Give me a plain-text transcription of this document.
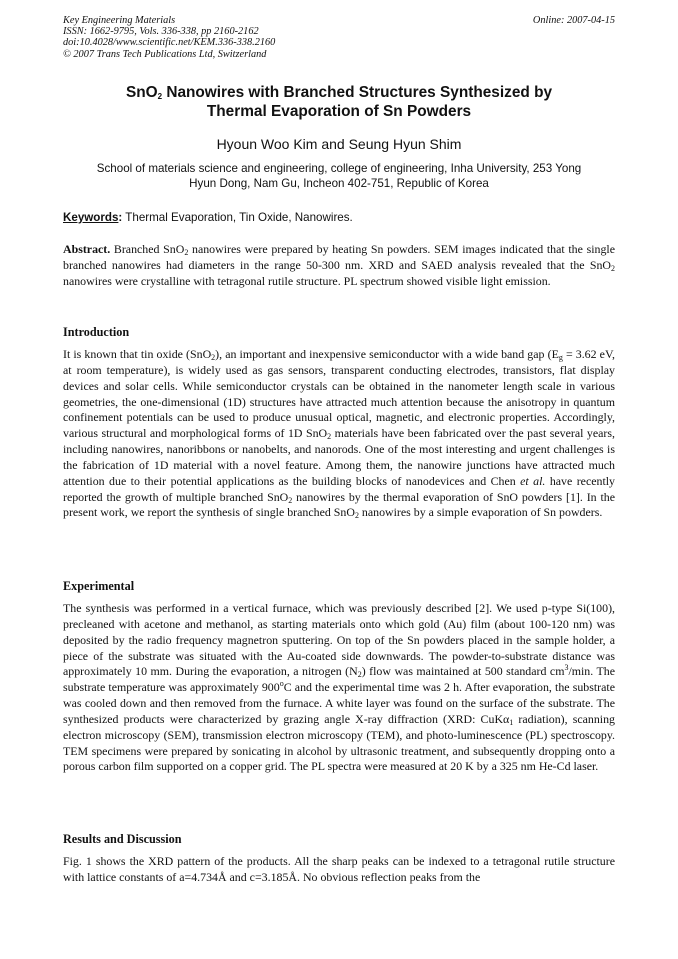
Key Engineering Materials	Online: 2007-04-15
ISSN: 1662-9795, Vols. 336-338, pp 2160-2162
doi:10.4028/www.scientific.net/KEM.336-338.2160
© 2007 Trans Tech Publications Ltd, Switzerland
SnO$_2$ Nanowires with Branched Structures Synthesized by
Thermal Evaporation of Sn Powders
Hyoun Woo Kim and Seung Hyun Shim
School of materials science and engineering, college of engineering, Inha University, 253 Yong
Hyun Dong, Nam Gu, Incheon 402-751, Republic of Korea
Keywords: Thermal Evaporation, Tin Oxide, Nanowires.
Abstract. Branched SnO$_2$ nanowires were prepared by heating Sn powders. SEM images indicated that the single branched nanowires had diameters in the range 50-300 nm. XRD and SAED analysis revealed that the SnO$_2$ nanowires were crystalline with tetragonal rutile structure. PL spectrum showed visible light emission.
Introduction
It is known that tin oxide (SnO$_2$), an important and inexpensive semiconductor with a wide band gap ($E_g = 3.62$ eV, at room temperature), is widely used as gas sensors, transparent conducting electrodes, transistors, flat display devices and solar cells. While semiconductor crystals can be obtained in the nanometer length scale in various geometries, the one-dimensional (1D) structures have attracted much attention because the anisotropy in quantum confinement potentials can be used to produce unusual optical, magnetic, and electronic properties. Accordingly, various structural and morphological forms of 1D SnO$_2$ materials have been fabricated over the past several years, including nanowires, nanoribbons or nanobelts, and nanorods. One of the most interesting and urgent challenges is the fabrication of 1D material with a novel feature. Among them, the nanowire junctions have attracted much attention due to their potential applications as the building blocks of nanodevices and Chen et al. have recently reported the growth of multiple branched SnO$_2$ nanowires by the thermal evaporation of SnO powders [1]. In the present work, we report the synthesis of single branched SnO$_2$ nanowires by a simple evaporation of Sn powders.
Experimental
The synthesis was performed in a vertical furnace, which was previously described [2]. We used p-type Si(100), precleaned with acetone and methanol, as starting materials onto which gold (Au) film (about 100-120 nm) was deposited by the radio frequency magnetron sputtering. On top of the Sn powders placed in the sample holder, a piece of the substrate was situated with the Au-coated side downwards. The powder-to-substrate distance was approximately 10 mm. During the evaporation, a nitrogen $(N_2)$ flow was maintained at 500 standard $cm^3/\min$. The substrate temperature was approximately 900$^o$C and the experimental time was 2 h. After evaporation, the substrate was cooled down and then removed from the furnace. A white layer was found on the surface of the substrate. The synthesized products were characterized by grazing angle X-ray diffraction (XRD: CuKα$_1$ radiation), scanning electron microscopy (SEM), transmission electron microscopy (TEM), and photo-luminescence (PL) spectroscopy. TEM specimens were prepared by sonicating in alcohol by ultrasonic treatment, and subsequently dropping onto a porous carbon film supported on a copper grid. The PL spectra were measured at 20 K by a 325 nm He-Cd laser.
Results and Discussion
Fig. 1 shows the XRD pattern of the products. All the sharp peaks can be indexed to a tetragonal rutile structure with lattice constants of a=4.734Å and c=3.185Å. No obvious reflection peaks from the
